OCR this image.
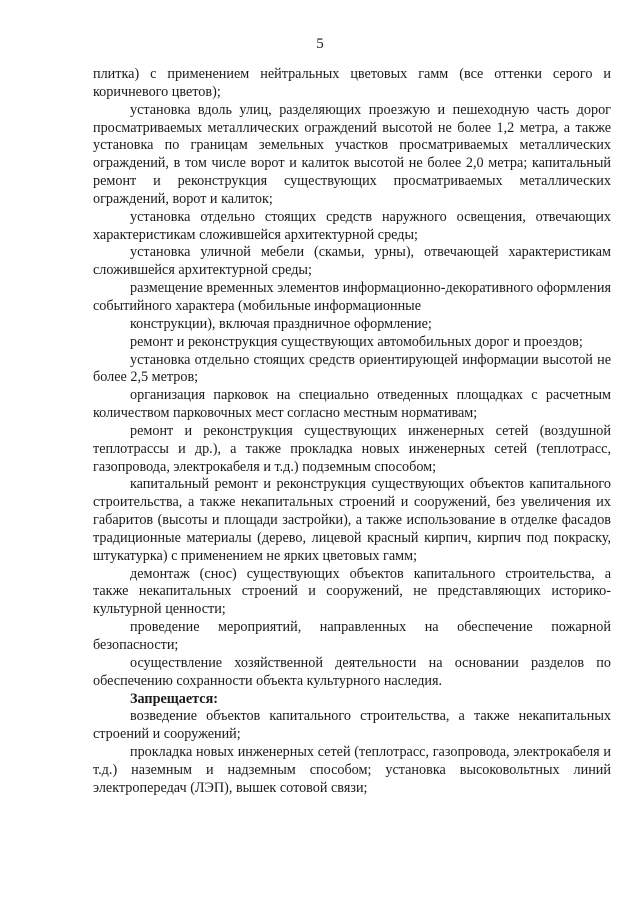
5

плитка) с применением нейтральных цветовых гамм (все оттенки серого и коричневого цветов);

установка вдоль улиц, разделяющих проезжую и пешеходную часть дорог просматриваемых металлических ограждений высотой не более 1,2 метра, а также установка по границам земельных участков просматриваемых металлических ограждений, в том числе ворот и калиток высотой не более 2,0 метра; капитальный ремонт и реконструкция существующих просматриваемых металлических ограждений, ворот и калиток;

установка отдельно стоящих средств наружного освещения, отвечающих характеристикам сложившейся архитектурной среды;

установка уличной мебели (скамьи, урны), отвечающей характеристикам сложившейся архитектурной среды;

размещение временных элементов информационно-декоративного оформления событийного характера (мобильные информационные

конструкции), включая праздничное оформление;

ремонт и реконструкция существующих автомобильных дорог и проездов;

установка отдельно стоящих средств ориентирующей информации высотой не более 2,5 метров;

организация парковок на специально отведенных площадках с расчетным количеством парковочных мест согласно местным нормативам;

ремонт и реконструкция существующих инженерных сетей (воздушной теплотрассы и др.), а также прокладка новых инженерных сетей (теплотрасс, газопровода, электрокабеля и т.д.) подземным способом;

капитальный ремонт и реконструкция существующих объектов капитального строительства, а также некапитальных строений и сооружений, без увеличения их габаритов (высоты и площади застройки), а также использование в отделке фасадов традиционные материалы (дерево, лицевой красный кирпич, кирпич под покраску, штукатурка) с применением не ярких цветовых гамм;

демонтаж (снос) существующих объектов капитального строительства, а также некапитальных строений и сооружений, не представляющих историко-культурной ценности;

проведение мероприятий, направленных на обеспечение пожарной безопасности;

осуществление хозяйственной деятельности на основании разделов по обеспечению сохранности объекта культурного наследия.

Запрещается:

возведение объектов капитального строительства, а также некапитальных строений и сооружений;

прокладка новых инженерных сетей (теплотрасс, газопровода, электрокабеля и т.д.) наземным и надземным способом; установка высоковольтных линий электропередач (ЛЭП), вышек сотовой связи;
